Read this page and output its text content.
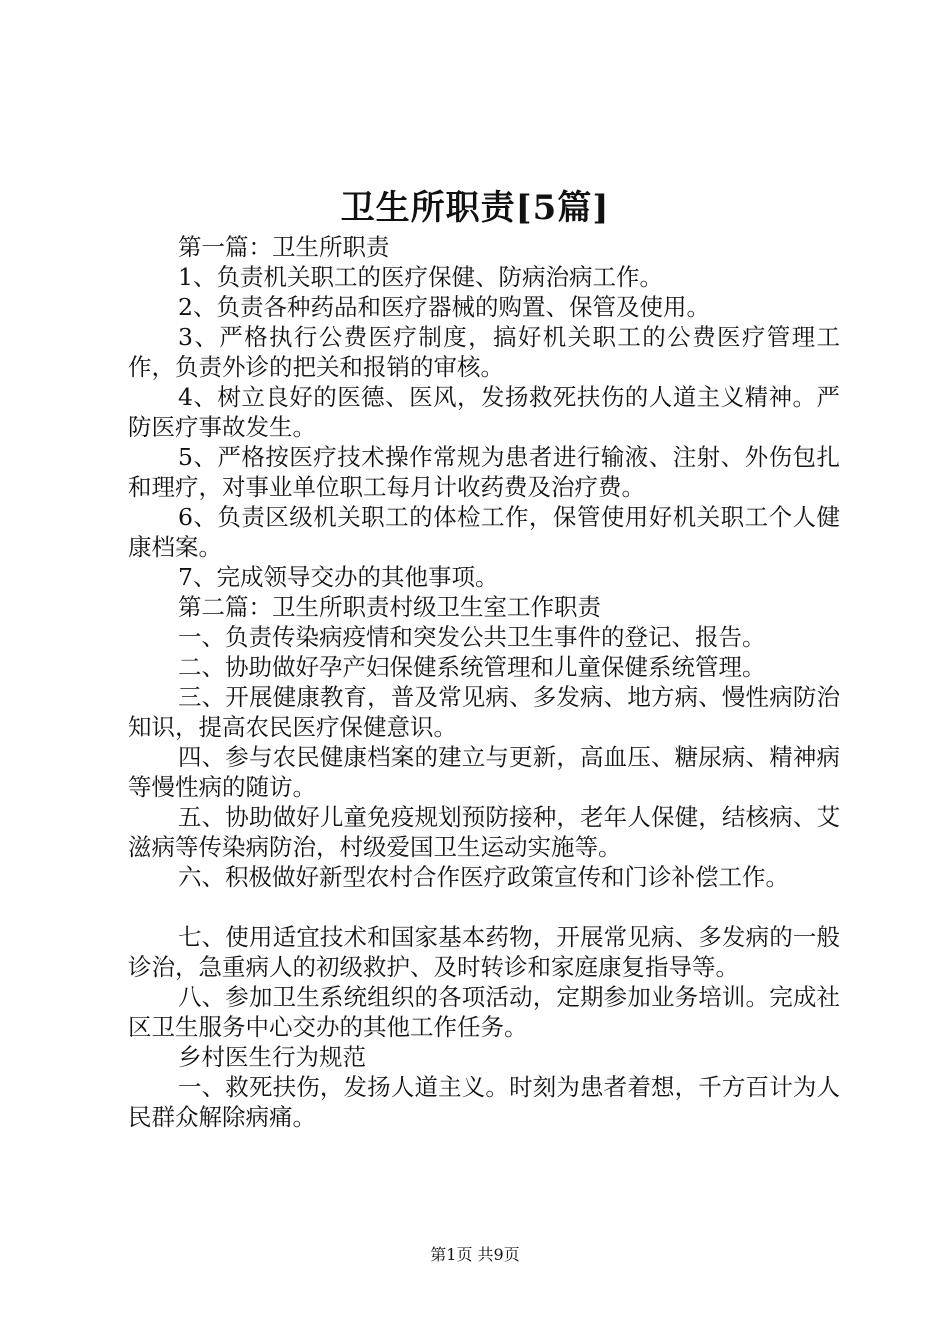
卫生所职责[5篇]

第一篇：卫生所职责

1、负责机关职工的医疗保健、防病治病工作。

2、负责各种药品和医疗器械的购置、保管及使用。

3、严格执行公费医疗制度，搞好机关职工的公费医疗管理工作，负责外诊的把关和报销的审核。

4、树立良好的医德、医风，发扬救死扶伤的人道主义精神。严防医疗事故发生。

5、严格按医疗技术操作常规为患者进行输液、注射、外伤包扎和理疗，对事业单位职工每月计收药费及治疗费。

6、负责区级机关职工的体检工作，保管使用好机关职工个人健康档案。

7、完成领导交办的其他事项。

第二篇：卫生所职责村级卫生室工作职责

一、负责传染病疫情和突发公共卫生事件的登记、报告。

二、协助做好孕产妇保健系统管理和儿童保健系统管理。

三、开展健康教育，普及常见病、多发病、地方病、慢性病防治知识，提高农民医疗保健意识。

四、参与农民健康档案的建立与更新，高血压、糖尿病、精神病等慢性病的随访。

五、协助做好儿童免疫规划预防接种，老年人保健，结核病、艾滋病等传染病防治，村级爱国卫生运动实施等。

六、积极做好新型农村合作医疗政策宣传和门诊补偿工作。

七、使用适宜技术和国家基本药物，开展常见病、多发病的一般诊治，急重病人的初级救护、及时转诊和家庭康复指导等。

八、参加卫生系统组织的各项活动，定期参加业务培训。完成社区卫生服务中心交办的其他工作任务。

乡村医生行为规范

一、救死扶伤，发扬人道主义。时刻为患者着想，千方百计为人民群众解除病痛。

第1页 共9页
